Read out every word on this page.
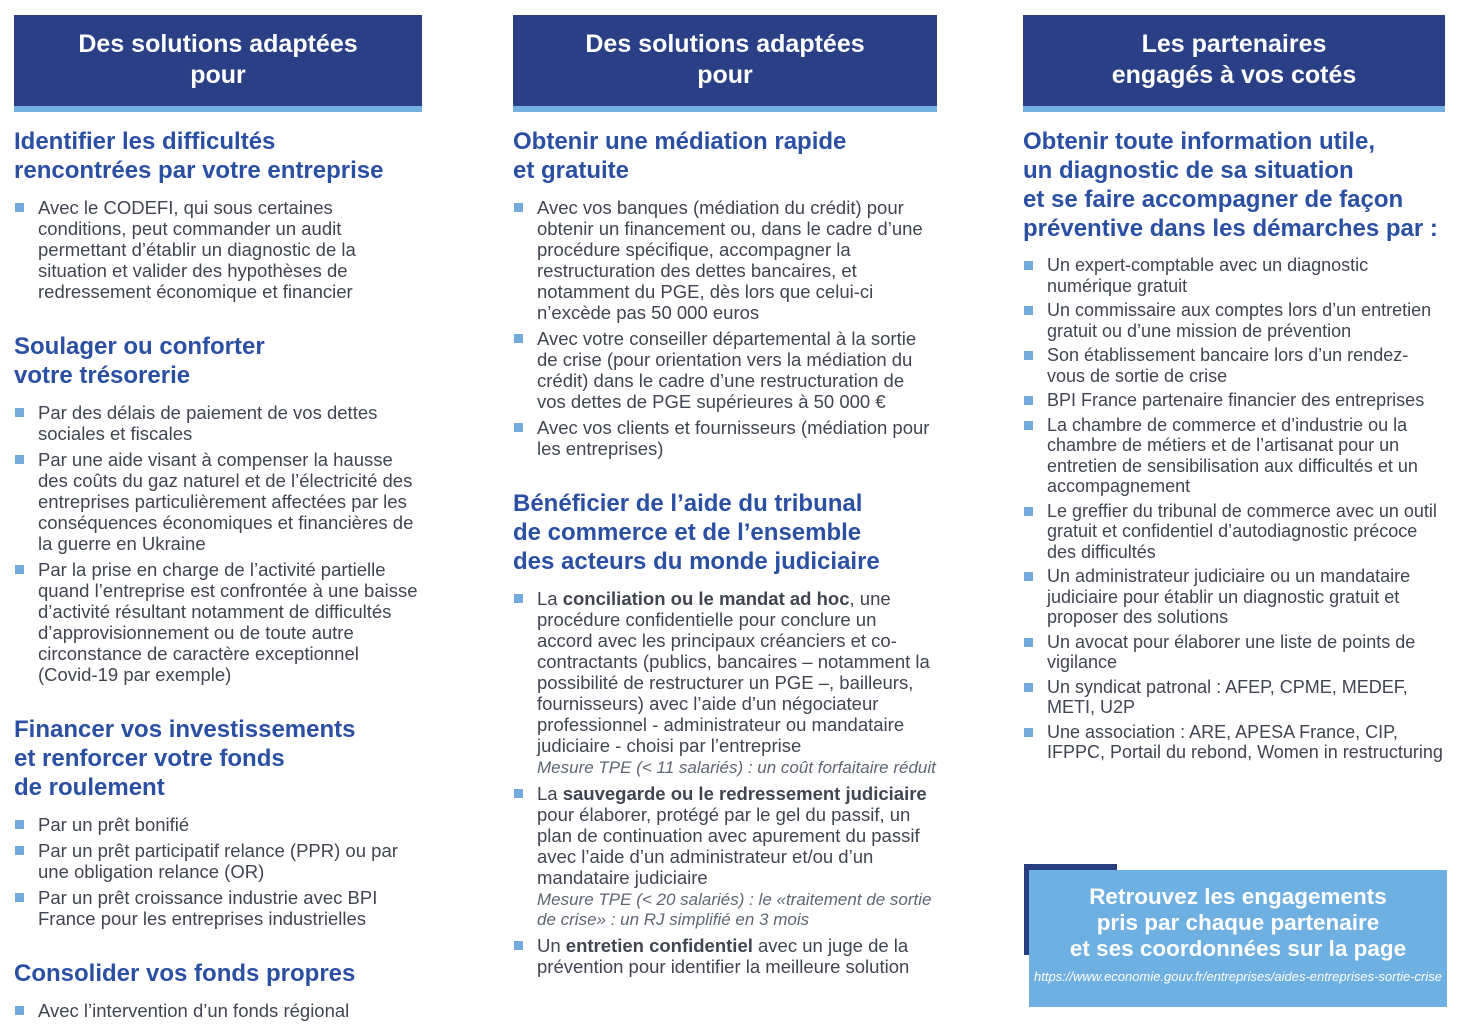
Des solutions adaptées
pour
Identifier les difficultés
rencontrées par votre entreprise
Avec le CODEFI, qui sous certaines conditions, peut commander un audit permettant d’établir un diagnostic de la situation et valider des hypothèses de redressement économique et financier
Soulager ou conforter
votre trésorerie
Par des délais de paiement de vos dettes sociales et fiscales
Par une aide visant à compenser la hausse des coûts du gaz naturel et de l’électricité des entreprises particulièrement affectées par les conséquences économiques et financières de la guerre en Ukraine
Par la prise en charge de l’activité partielle quand l’entreprise est confrontée à une baisse d’activité résultant notamment de difficultés d’approvisionnement ou de toute autre circonstance de caractère exceptionnel (Covid-19 par exemple)
Financer vos investissements
et renforcer votre fonds
de roulement
Par un prêt bonifié
Par un prêt participatif relance (PPR) ou par une obligation relance (OR)
Par un prêt croissance industrie avec BPI France pour les entreprises industrielles
Consolider vos fonds propres
Avec l’intervention d’un fonds régional
Des solutions adaptées
pour
Obtenir une médiation rapide
et gratuite
Avec vos banques (médiation du crédit) pour obtenir un financement ou, dans le cadre d’une procédure spécifique, accompagner la restructuration des dettes bancaires, et notamment du PGE, dès lors que celui-ci n’excède pas 50 000 euros
Avec votre conseiller départemental à la sortie de crise (pour orientation vers la médiation du crédit) dans le cadre d’une restructuration de vos dettes de PGE supérieures à 50 000 €
Avec vos clients et fournisseurs (médiation pour les entreprises)
Bénéficier de l’aide du tribunal
de commerce et de l’ensemble
des acteurs du monde judiciaire
La conciliation ou le mandat ad hoc, une procédure confidentielle pour conclure un accord avec les principaux créanciers et co-contractants (publics, bancaires – notamment la possibilité de restructurer un PGE –, bailleurs, fournisseurs) avec l’aide d’un négociateur professionnel - administrateur ou mandataire judiciaire - choisi par l’entreprise
Mesure TPE (< 11 salariés) : un coût forfaitaire réduit
La sauvegarde ou le redressement judiciaire pour élaborer, protégé par le gel du passif, un plan de continuation avec apurement du passif avec l’aide d’un administrateur et/ou d’un mandataire judiciaire
Mesure TPE (< 20 salariés) : le «traitement de sortie de crise» : un RJ simplifié en 3 mois
Un entretien confidentiel avec un juge de la prévention pour identifier la meilleure solution
Les partenaires
engagés à vos cotés
Obtenir toute information utile,
un diagnostic de sa situation
et se faire accompagner de façon
préventive dans les démarches par :
Un expert-comptable avec un diagnostic numérique gratuit
Un commissaire aux comptes lors d’un entretien gratuit ou d’une mission de prévention
Son établissement bancaire lors d’un rendez-vous de sortie de crise
BPI France partenaire financier des entreprises
La chambre de commerce et d’industrie ou la chambre de métiers et de l’artisanat pour un entretien de sensibilisation aux difficultés et un accompagnement
Le greffier du tribunal de commerce avec un outil gratuit et confidentiel d’autodiagnostic précoce des difficultés
Un administrateur judiciaire ou un mandataire judiciaire pour établir un diagnostic gratuit et proposer des solutions
Un avocat pour élaborer une liste de points de vigilance
Un syndicat patronal : AFEP, CPME, MEDEF, METI, U2P
Une association : ARE, APESA France, CIP, IFPPC, Portail du rebond, Women in restructuring
Retrouvez les engagements
pris par chaque partenaire
et ses coordonnées sur la page
https://www.economie.gouv.fr/entreprises/aides-entreprises-sortie-crise
